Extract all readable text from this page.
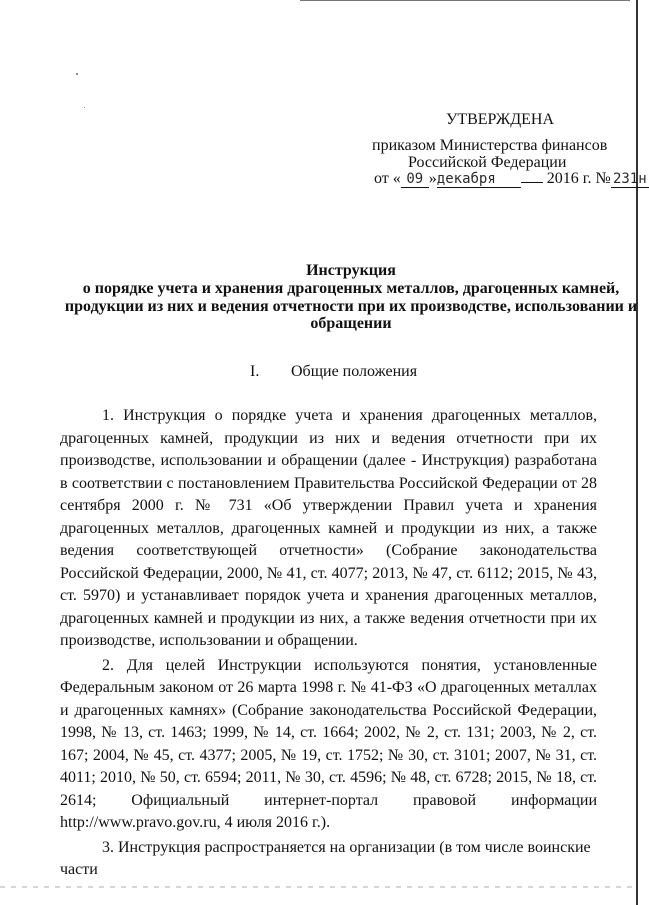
УТВЕРЖДЕНА
приказом Министерства финансов
Российской Федерации
от « 09 »декабря	2016 г. № 231н
Инструкция
о порядке учета и хранения драгоценных металлов, драгоценных камней, продукции из них и ведения отчетности при их производстве, использовании и обращении
I. Общие положения

1. Инструкция о порядке учета и хранения драгоценных металлов, драгоценных камней, продукции из них и ведения отчетности при их производстве, использовании и обращении (далее - Инструкция) разработана в соответствии с постановлением Правительства Российской Федерации от 28 сентября 2000 г. № 731 «Об утверждении Правил учета и хранения драгоценных металлов, драгоценных камней и продукции из них, а также ведения соответствующей отчетности» (Собрание законодательства Российской Федерации, 2000, № 41, ст. 4077; 2013, № 47, ст. 6112; 2015, № 43, ст. 5970) и устанавливает порядок учета и хранения драгоценных металлов, драгоценных камней и продукции из них, а также ведения отчетности при их производстве, использовании и обращении.

2. Для целей Инструкции используются понятия, установленные Федеральным законом от 26 марта 1998 г. № 41-ФЗ «О драгоценных металлах и драгоценных камнях» (Собрание законодательства Российской Федерации, 1998, № 13, ст. 1463; 1999, № 14, ст. 1664; 2002, № 2, ст. 131; 2003, № 2, ст. 167; 2004, № 45, ст. 4377; 2005, № 19, ст. 1752; № 30, ст. 3101; 2007, № 31, ст. 4011; 2010, № 50, ст. 6594; 2011, № 30, ст. 4596; № 48, ст. 6728; 2015, № 18, ст. 2614; Официальный интернет-портал правовой информации http://www.pravo.gov.ru, 4 июля 2016 г.).

3. Инструкция распространяется на организации (в том числе воинские части
